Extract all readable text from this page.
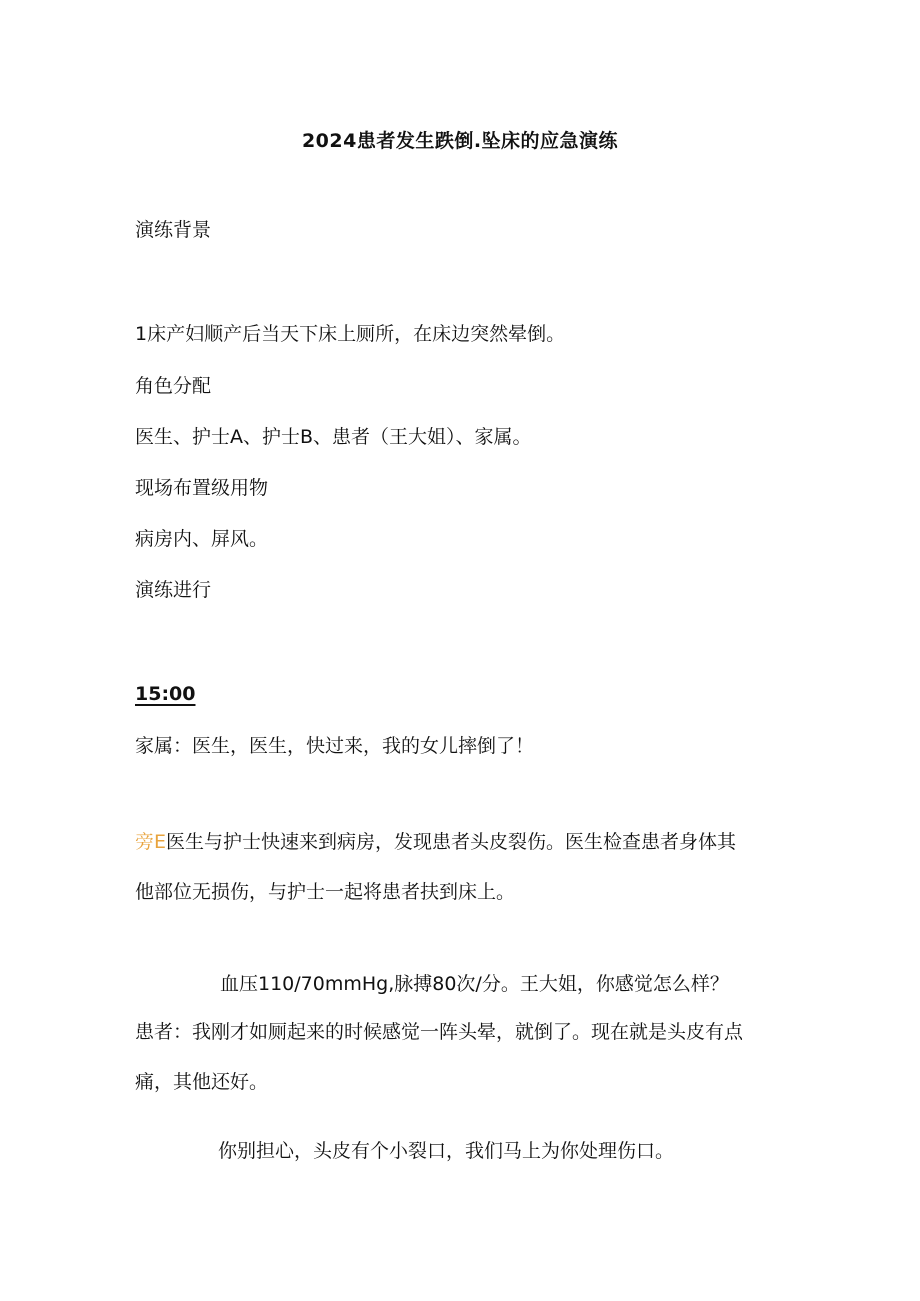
2024患者发生跌倒.坠床的应急演练
演练背景
1床产妇顺产后当天下床上厕所，在床边突然晕倒。
角色分配
医生、护士A、护士B、患者（王大姐）、家属。
现场布置级用物
病房内、屏风。
演练进行
15:00
家属：医生，医生，快过来，我的女儿摔倒了！
旁E医生与护士快速来到病房，发现患者头皮裂伤。医生检查患者身体其
他部位无损伤，与护士一起将患者扶到床上。
血压110/70mmHg,脉搏80次/分。王大姐，你感觉怎么样？
患者：我刚才如厕起来的时候感觉一阵头晕，就倒了。现在就是头皮有点
痛，其他还好。
你别担心，头皮有个小裂口，我们马上为你处理伤口。
